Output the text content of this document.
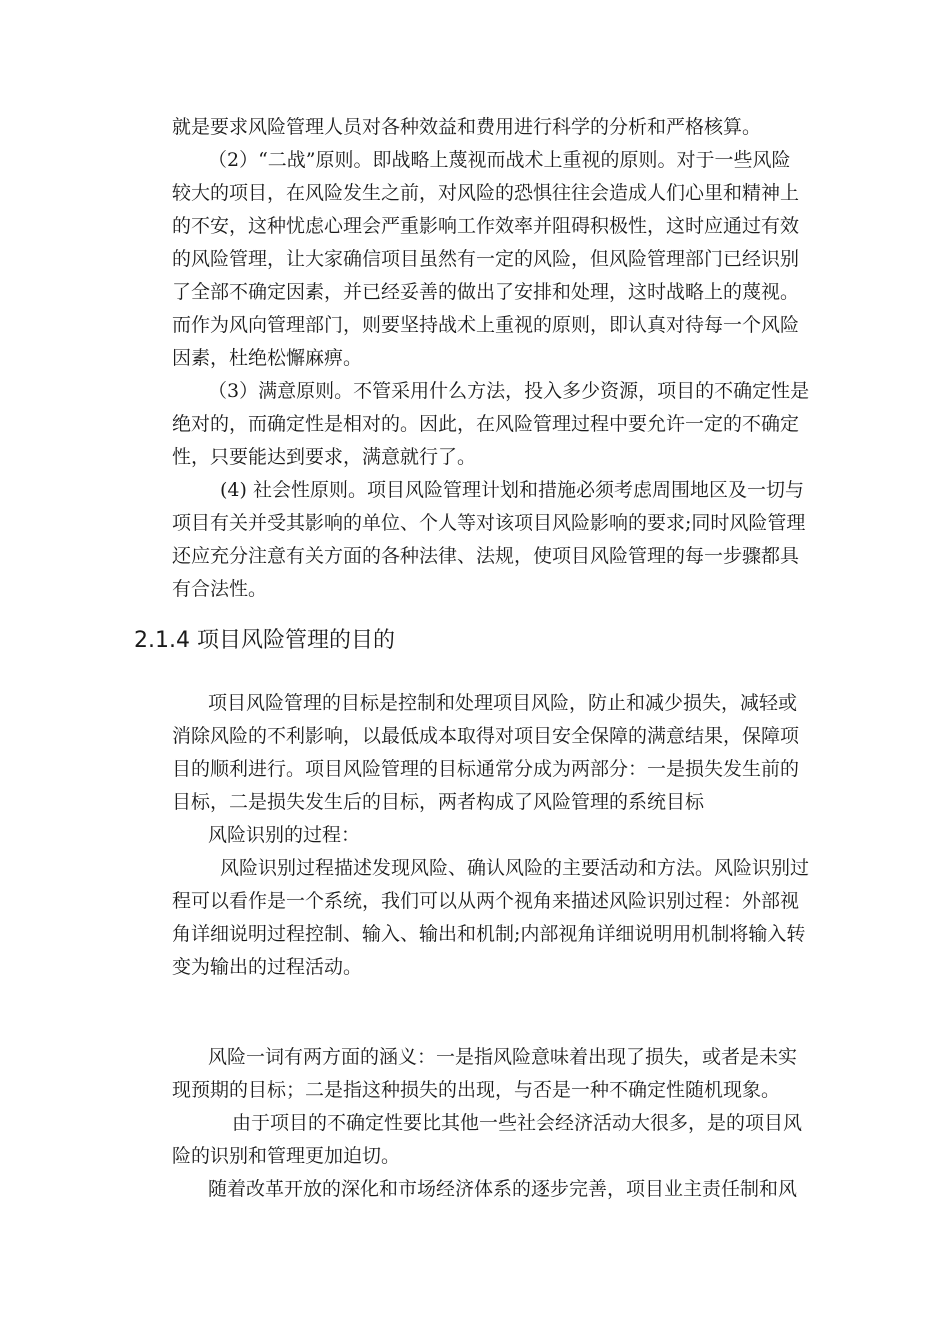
就是要求风险管理人员对各种效益和费用进行科学的分析和严格核算。
（2）“二战”原则。即战略上蔑视而战术上重视的原则。对于一些风险
较大的项目，在风险发生之前，对风险的恐惧往往会造成人们心里和精神上
的不安，这种忧虑心理会严重影响工作效率并阻碍积极性，这时应通过有效
的风险管理，让大家确信项目虽然有一定的风险，但风险管理部门已经识别
了全部不确定因素，并已经妥善的做出了安排和处理，这时战略上的蔑视。
而作为风向管理部门，则要坚持战术上重视的原则，即认真对待每一个风险
因素，杜绝松懈麻痹。
（3）满意原则。不管采用什么方法，投入多少资源，项目的不确定性是
绝对的，而确定性是相对的。因此，在风险管理过程中要允许一定的不确定
性，只要能达到要求，满意就行了。
(4) 社会性原则。项目风险管理计划和措施必须考虑周围地区及一切与
项目有关并受其影响的单位、个人等对该项目风险影响的要求;同时风险管理
还应充分注意有关方面的各种法律、法规，使项目风险管理的每一步骤都具
有合法性。
2.1.4 项目风险管理的目的
项目风险管理的目标是控制和处理项目风险，防止和减少损失，减轻或
消除风险的不利影响，以最低成本取得对项目安全保障的满意结果，保障项
目的顺利进行。项目风险管理的目标通常分成为两部分：一是损失发生前的
目标，二是损失发生后的目标，两者构成了风险管理的系统目标
风险识别的过程：
风险识别过程描述发现风险、确认风险的主要活动和方法。风险识别过
程可以看作是一个系统，我们可以从两个视角来描述风险识别过程：外部视
角详细说明过程控制、输入、输出和机制;内部视角详细说明用机制将输入转
变为输出的过程活动。
风险一词有两方面的涵义：一是指风险意味着出现了损失，或者是未实
现预期的目标；二是指这种损失的出现，与否是一种不确定性随机现象。
由于项目的不确定性要比其他一些社会经济活动大很多，是的项目风
险的识别和管理更加迫切。
随着改革开放的深化和市场经济体系的逐步完善，项目业主责任制和风
